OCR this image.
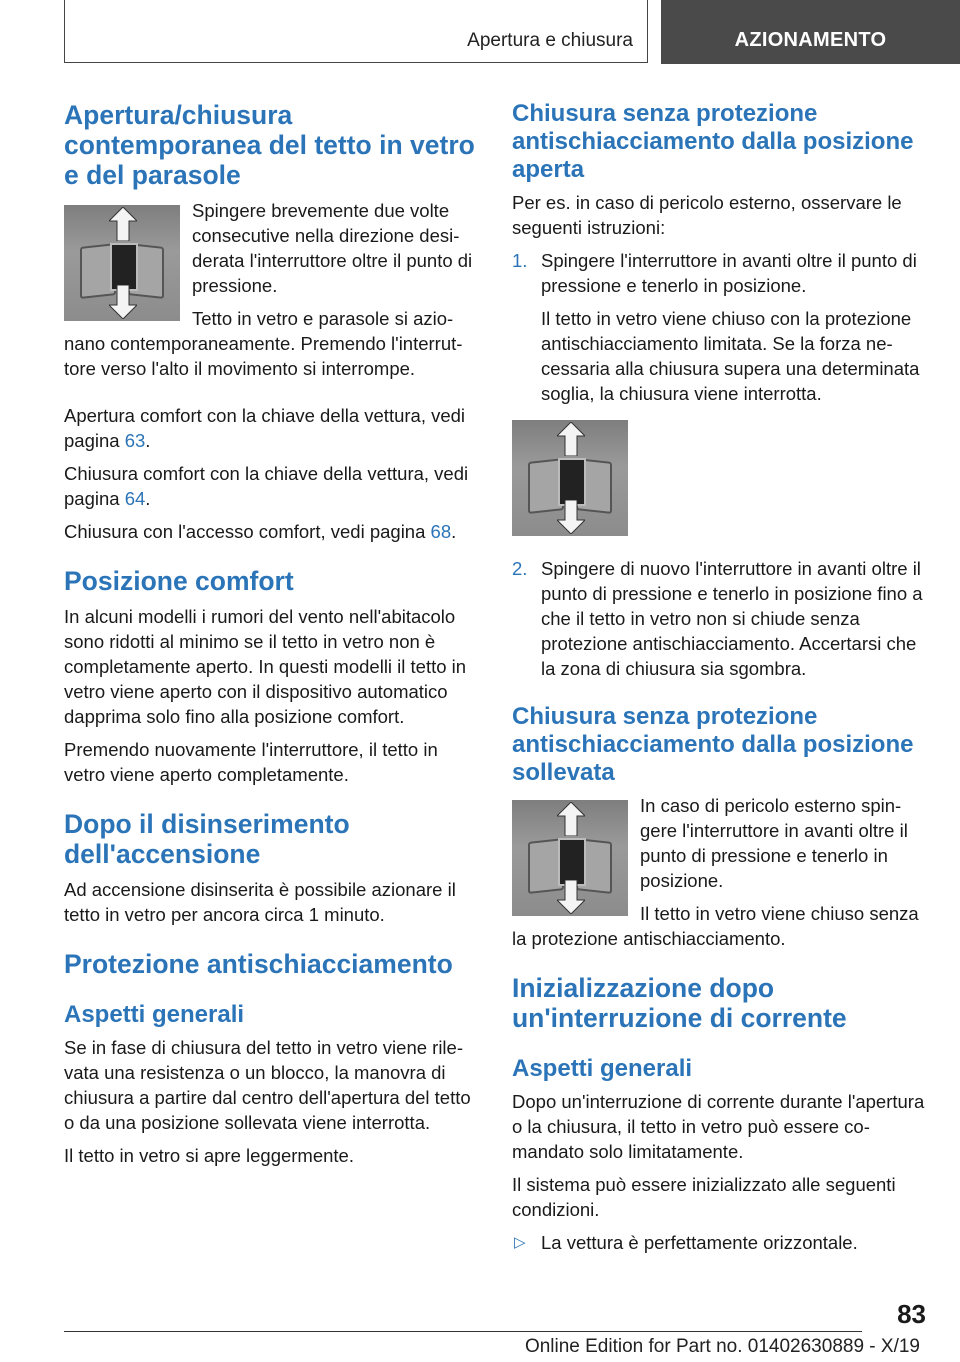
Apertura e chiusura	AZIONAMENTO
Apertura/chiusura contemporanea del tetto in vetro e del parasole

Spingere brevemente due volte consecutive nella direzione desiderata l'interruttore oltre il punto di pressione.

Tetto in vetro e parasole si azionano contemporaneamente. Premendo l'interruttore verso l'alto il movimento si interrompe.

Apertura comfort con la chiave della vettura, vedi pagina 63.

Chiusura comfort con la chiave della vettura, vedi pagina 64.

Chiusura con l'accesso comfort, vedi pagina 68.

Posizione comfort

In alcuni modelli i rumori del vento nell'abitacolo sono ridotti al minimo se il tetto in vetro non è completamente aperto. In questi modelli il tetto in vetro viene aperto con il dispositivo automatico dapprima solo fino alla posizione comfort.

Premendo nuovamente l'interruttore, il tetto in vetro viene aperto completamente.

Dopo il disinserimento dell'accensione

Ad accensione disinserita è possibile azionare il tetto in vetro per ancora circa 1 minuto.

Protezione antischiacciamento
Aspetti generali

Se in fase di chiusura del tetto in vetro viene rilevata una resistenza o un blocco, la manovra di chiusura a partire dal centro dell'apertura del tetto o da una posizione sollevata viene interrotta.

Il tetto in vetro si apre leggermente.

Chiusura senza protezione antischiacciamento dalla posizione aperta

Per es. in caso di pericolo esterno, osservare le seguenti istruzioni:

1. Spingere l'interruttore in avanti oltre il punto di pressione e tenerlo in posizione.

Il tetto in vetro viene chiuso con la protezione antischiacciamento limitata. Se la forza necessaria alla chiusura supera una determinata soglia, la chiusura viene interrotta.

2. Spingere di nuovo l'interruttore in avanti oltre il punto di pressione e tenerlo in posizione fino a che il tetto in vetro non si chiude senza protezione antischiacciamento. Accertarsi che la zona di chiusura sia sgombra.

Chiusura senza protezione antischiacciamento dalla posizione sollevata

In caso di pericolo esterno spingere l'interruttore in avanti oltre il punto di pressione e tenerlo in posizione.

Il tetto in vetro viene chiuso senza la protezione antischiacciamento.

Inizializzazione dopo un'interruzione di corrente
Aspetti generali

Dopo un'interruzione di corrente durante l'apertura o la chiusura, il tetto in vetro può essere comandato solo limitatamente.

Il sistema può essere inizializzato alle seguenti condizioni.

▷ La vettura è perfettamente orizzontale.
83
Online Edition for Part no. 01402630889 - X/19
